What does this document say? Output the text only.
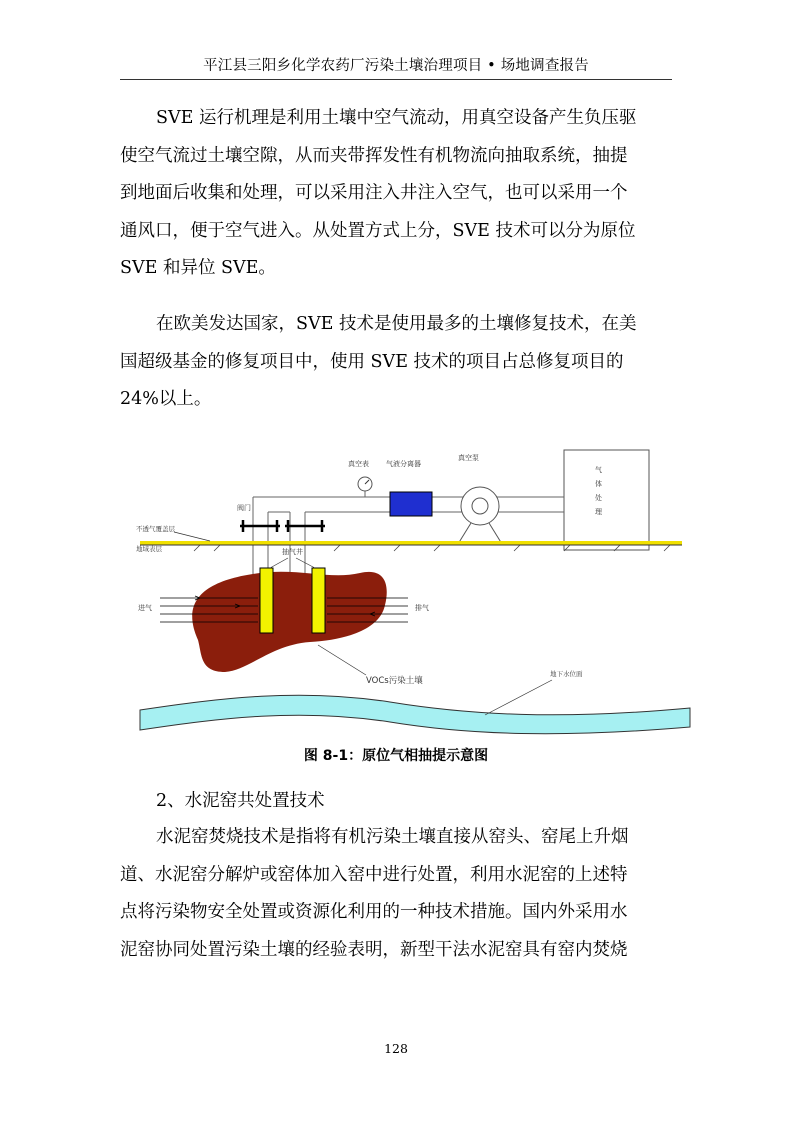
平江县三阳乡化学农药厂污染土壤治理项目 • 场地调查报告

SVE 运行机理是利用土壤中空气流动，用真空设备产生负压驱
使空气流过土壤空隙，从而夹带挥发性有机物流向抽取系统，抽提
到地面后收集和处理，可以采用注入井注入空气，也可以采用一个
通风口，便于空气进入。从处置方式上分，SVE 技术可以分为原位
SVE 和异位 SVE。

在欧美发达国家，SVE 技术是使用最多的土壤修复技术，在美
国超级基金的修复项目中，使用 SVE 技术的项目占总修复项目的
24%以上。

气
体
处
理
阀门
真空表 气液分离器
真空泵
不透气覆盖层
地域表层	抽气井
进气	排气
VOCs污染土壤
地下水位面
图 8-1：原位气相抽提示意图

2、水泥窑共处置技术

水泥窑焚烧技术是指将有机污染土壤直接从窑头、窑尾上升烟
道、水泥窑分解炉或窑体加入窑中进行处置，利用水泥窑的上述特
点将污染物安全处置或资源化利用的一种技术措施。国内外采用水
泥窑协同处置污染土壤的经验表明，新型干法水泥窑具有窑内焚烧

128
